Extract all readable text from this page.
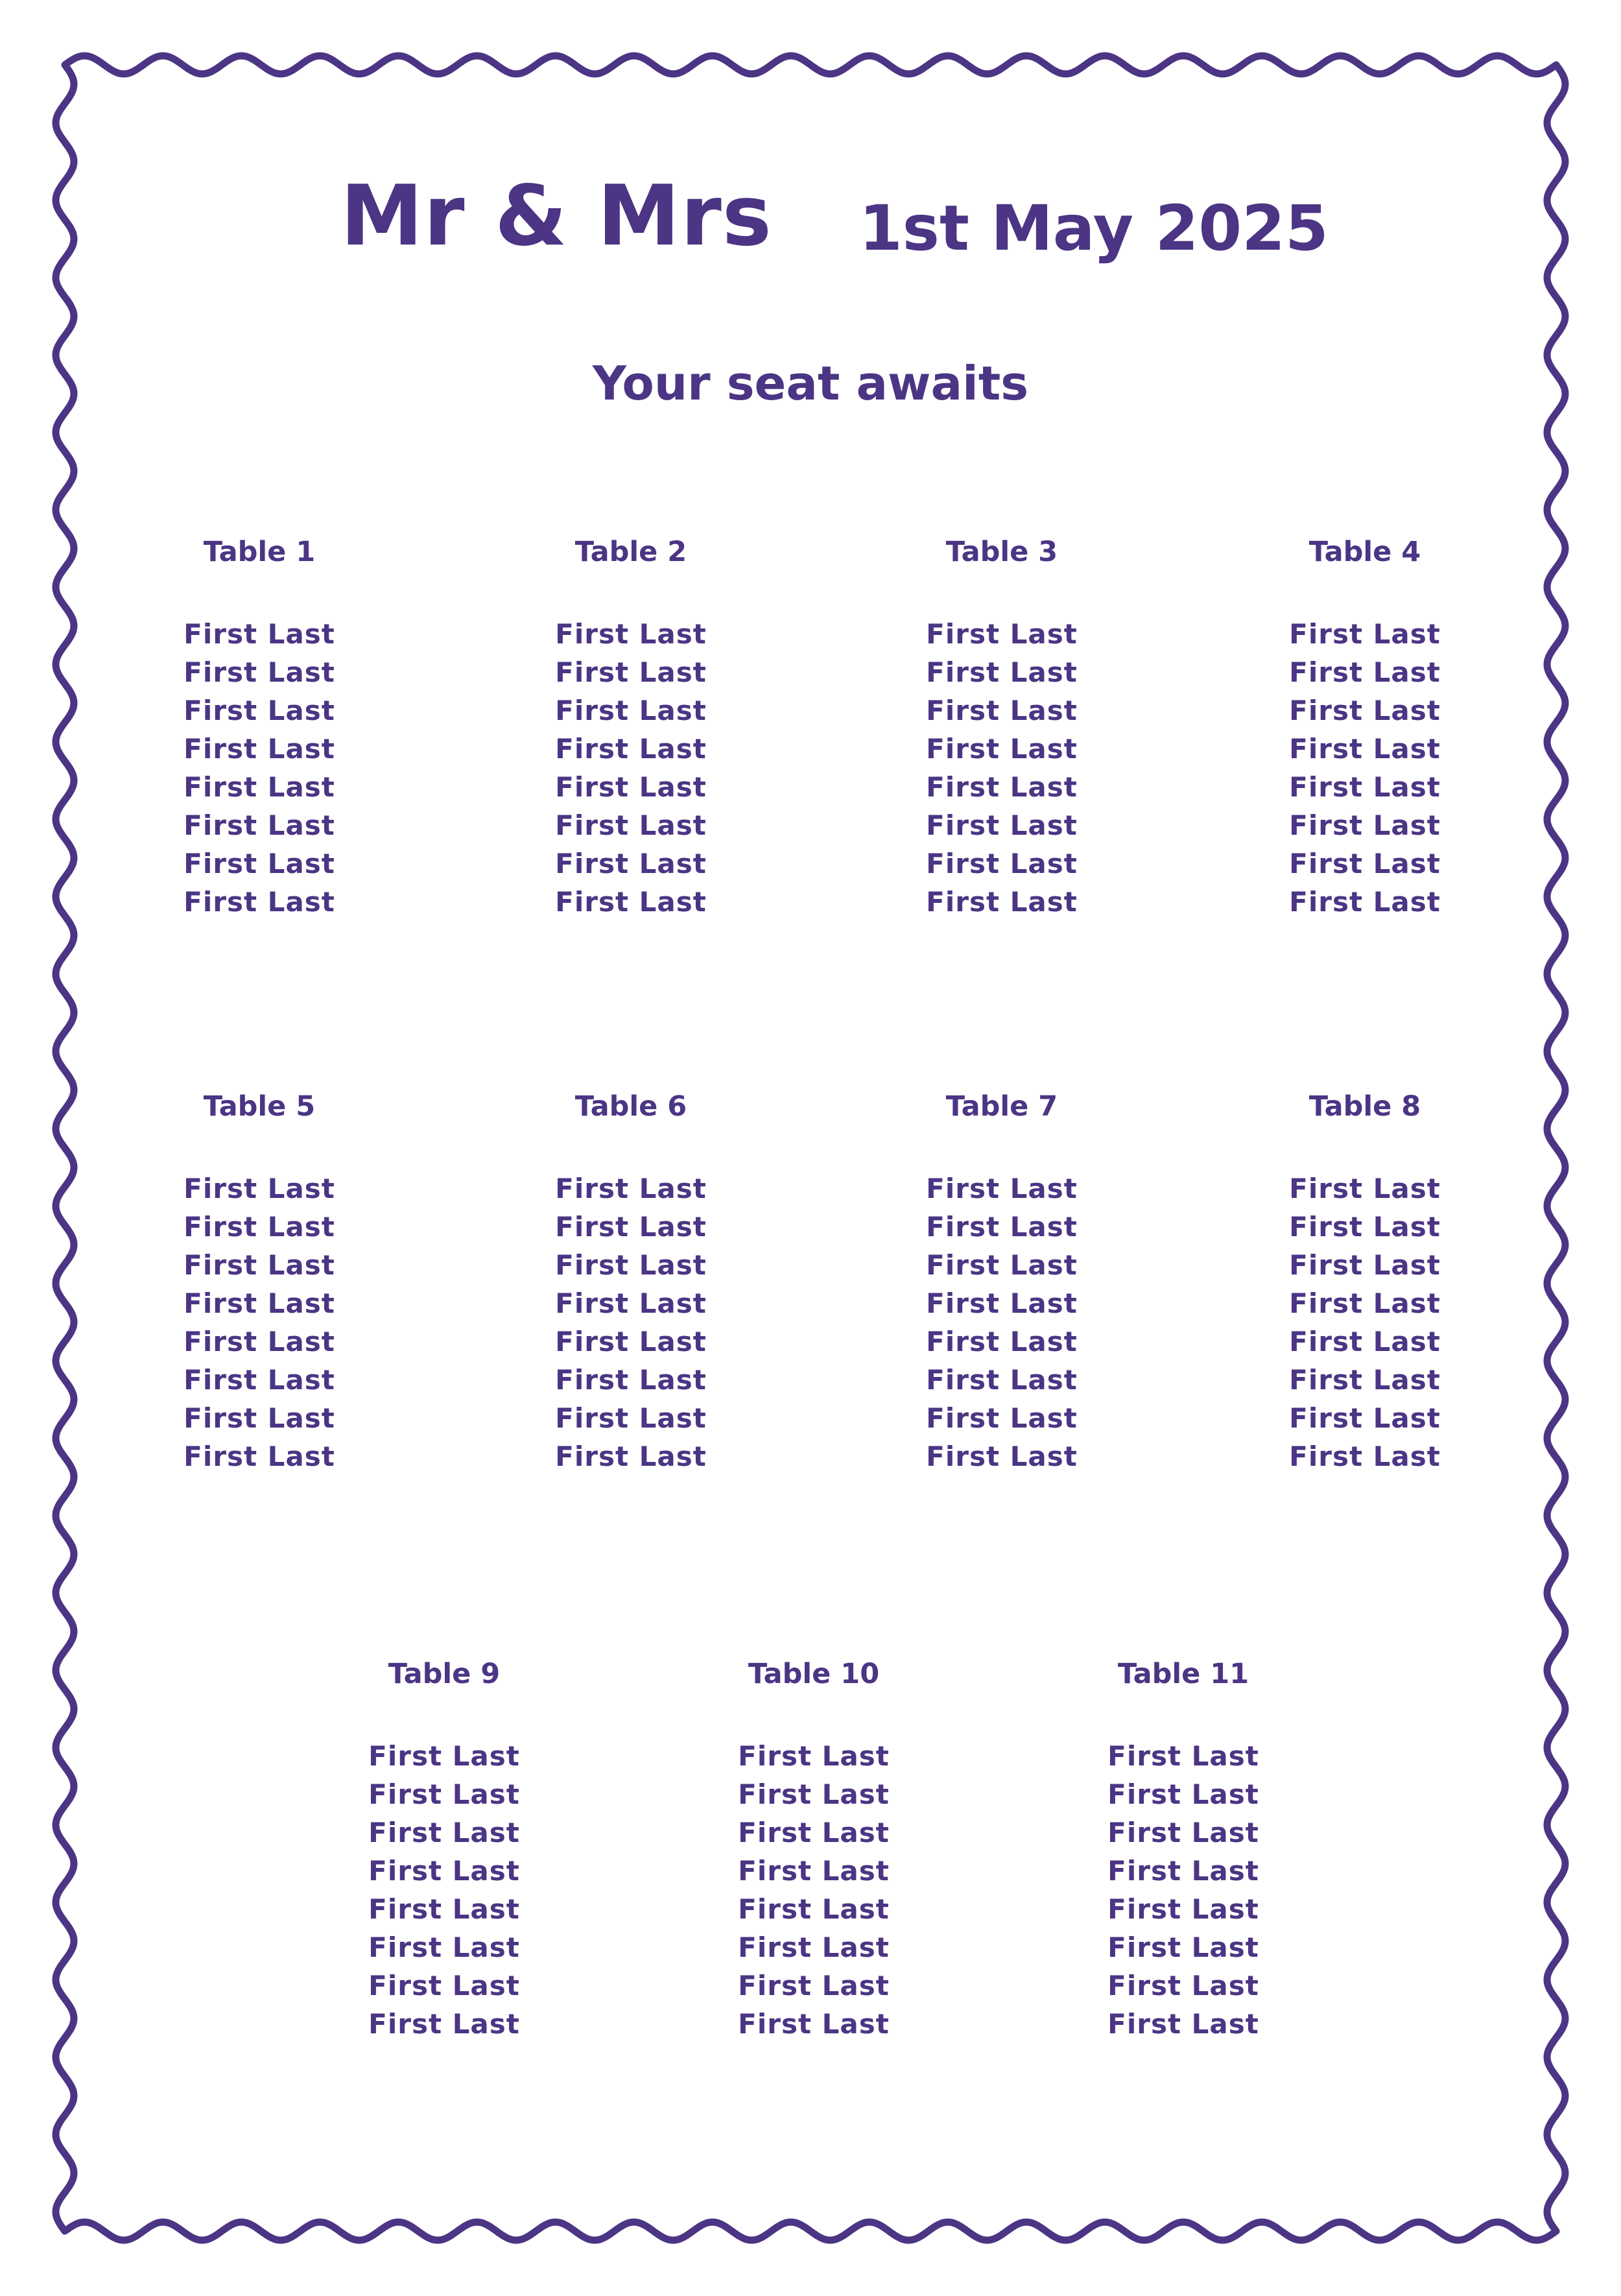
Mr & Mrs 1st May 2025
Your seat awaits
Table 1
First Last
First Last
First Last
First Last
First Last
First Last
First Last
First Last
Table 2
First Last
First Last
First Last
First Last
First Last
First Last
First Last
First Last
Table 3
First Last
First Last
First Last
First Last
First Last
First Last
First Last
First Last
Table 4
First Last
First Last
First Last
First Last
First Last
First Last
First Last
First Last
Table 5
First Last
First Last
First Last
First Last
First Last
First Last
First Last
First Last
Table 6
First Last
First Last
First Last
First Last
First Last
First Last
First Last
First Last
Table 7
First Last
First Last
First Last
First Last
First Last
First Last
First Last
First Last
Table 8
First Last
First Last
First Last
First Last
First Last
First Last
First Last
First Last
Table 9
First Last
First Last
First Last
First Last
First Last
First Last
First Last
First Last
Table 10
First Last
First Last
First Last
First Last
First Last
First Last
First Last
First Last
Table 11
First Last
First Last
First Last
First Last
First Last
First Last
First Last
First Last
